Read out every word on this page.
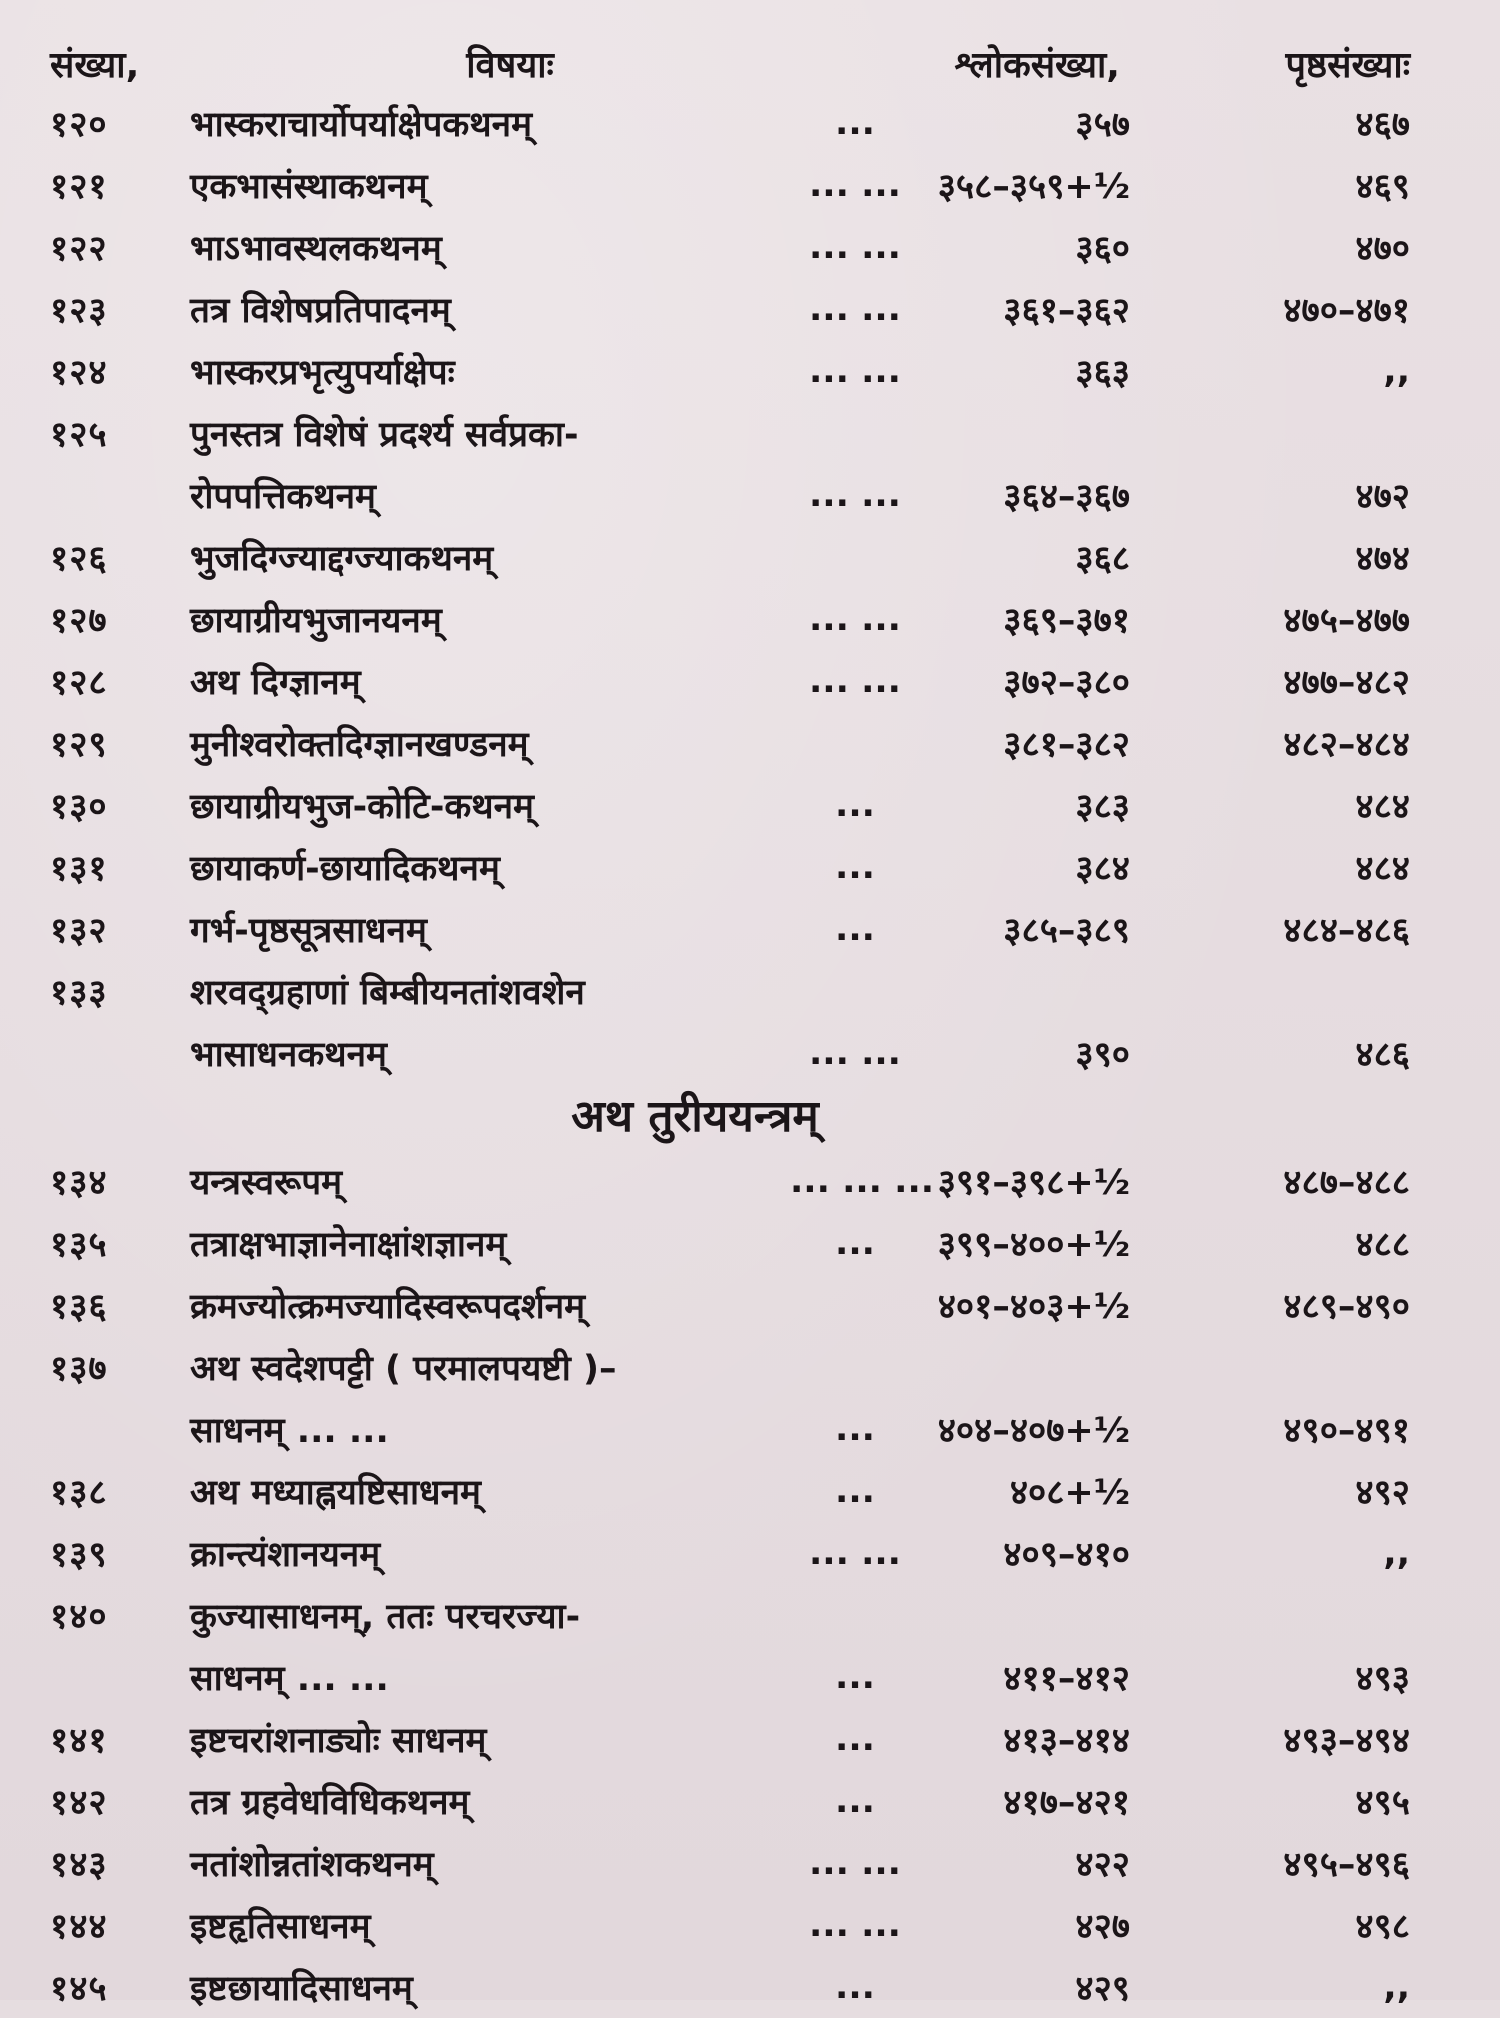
संख्या,	विषयाः	श्लोकसंख्या,	पृष्ठसंख्याः
१२०	भास्कराचार्योपर्याक्षेपकथनम्	...	३५७	४६७
१२१	एकभासंस्थाकथनम्	... ...	३५८–३५९+½	४६९
१२२	भाऽभावस्थलकथनम्	... ...	३६०	४७०
१२३	तत्र विशेषप्रतिपादनम्	... ...	३६१–३६२	४७०–४७१
१२४	भास्करप्रभृत्युपर्याक्षेपः	... ...	३६३	,,
१२५	पुनस्तत्र विशेषं प्रदर्श्य सर्वप्रका-
रोपपत्तिकथनम्	... ...	३६४–३६७	४७२
१२६	भुजदिग्ज्याद्दग्ज्याकथनम्	३६८	४७४
१२७	छायाग्रीयभुजानयनम्	... ...	३६९–३७१	४७५–४७७
१२८	अथ दिग्ज्ञानम्	... ...	३७२–३८०	४७७–४८२
१२९	मुनीश्वरोक्तदिग्ज्ञानखण्डनम्	३८१–३८२	४८२–४८४
१३०	छायाग्रीयभुज-कोटि-कथनम्	...	३८३	४८४
१३१	छायाकर्ण-छायादिकथनम्	...	३८४	४८४
१३२	गर्भ-पृष्ठसूत्रसाधनम्	...	३८५–३८९	४८४–४८६
१३३	शरवद्ग्रहाणां बिम्बीयनतांशवशेन
भासाधनकथनम्	... ...	३९०	४८६
अथ तुरीययन्त्रम्
१३४	यन्त्रस्वरूपम्	... ... ... ३९१–३९८+½	४८७–४८८
१३५	तत्राक्षभाज्ञानेनाक्षांशज्ञानम्	...	३९९–४००+½	४८८
१३६	क्रमज्योत्क्रमज्यादिस्वरूपदर्शनम्	४०१–४०३+½	४८९–४९०
१३७	अथ स्वदेशपट्टी ( परमालपयष्टी )–
साधनम् ... ...	...	४०४–४०७+½	४९०–४९१
१३८	अथ मध्याह्नयष्टिसाधनम्	...	४०८+½	४९२
१३९	क्रान्त्यंशानयनम्	... ...	४०९–४१०	,,
१४०	कुज्यासाधनम्, ततः परचरज्या-
साधनम् ... ...	...	४११–४१२	४९३
१४१	इष्टचरांशनाड्योः साधनम्	...	४१३–४१४	४९३–४९४
१४२	तत्र ग्रहवेधविधिकथनम्	...	४१७–४२१	४९५
१४३	नतांशोन्नतांशकथनम्	... ...	४२२	४९५–४९६
१४४	इष्टहृतिसाधनम्	... ...	४२७	४९८
१४५	इष्टछायादिसाधनम्	...	४२९	,,
